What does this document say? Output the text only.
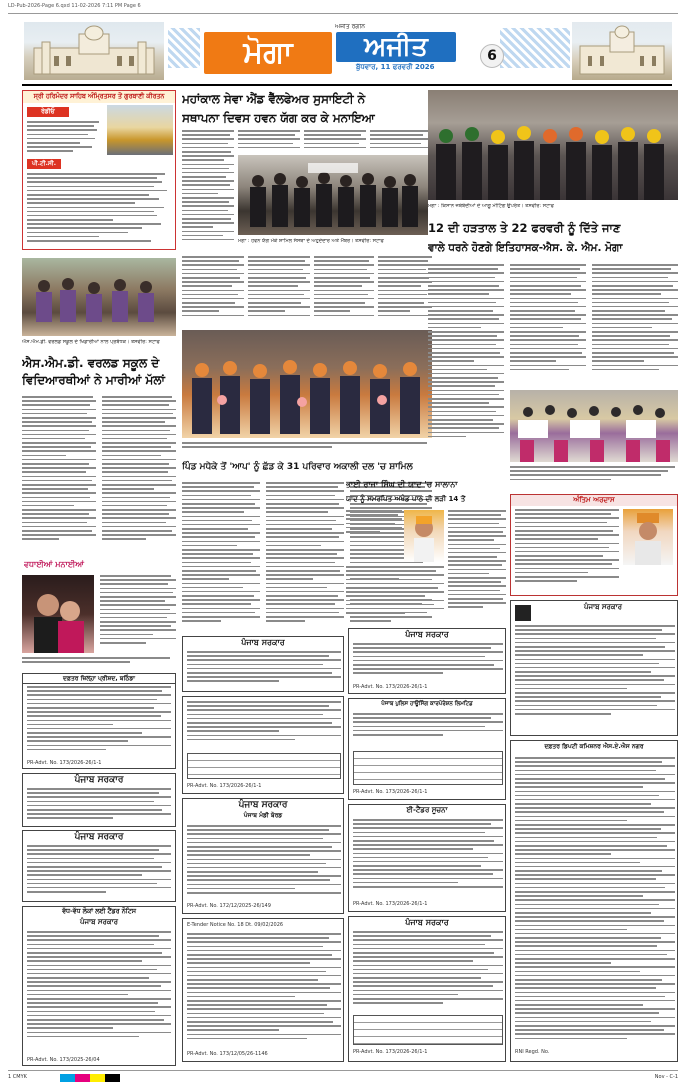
LD-Pub-2026-Page 6.qxd 11-02-2026 7:11 PM Page 6
ਅਜੀਤ ਰੰਗੀਨ
ਮੋਗਾ	ਅਜੀਤ
ਬੁੱਧਵਾਰ, 11 ਫਰਵਰੀ 2026
6
ਸ੍ਰੀ ਹਰਿਮੰਦਰ ਸਾਹਿਬ ਅੰਮ੍ਰਿਤਸਰ ਤੋਂ ਗੁਰਬਾਣੀ ਕੀਰਤਨ
ਰੇਡੀਓ
ਪੀ.ਟੀ.ਸੀ.
ਐਸ.ਐਮ.ਡੀ. ਵਰਲਡ ਸਕੂਲ ਦੇ ਖਿਡਾਰੀਆਂ ਨਾਲ ਪ੍ਰਬੰਧਕ। ਤਸਵੀਰ: ਸਟਾਫ
ਐਸ.ਐਮ.ਡੀ. ਵਰਲਡ ਸਕੂਲ ਦੇ ਵਿਦਿਆਰਥੀਆਂ ਨੇ ਮਾਰੀਆਂ ਮੱਲਾਂ
ਵਧਾਈਆਂ ਮਨਾਈਆਂ
ਦਫ਼ਤਰ ਜ਼ਿਲ੍ਹਾ ਪ੍ਰੀਸ਼ਦ, ਬਠਿੰਡਾ
PR-Advt. No. 173/2026-26/1-1
ਪੰਜਾਬ ਸਰਕਾਰ
ਪੰਜਾਬ ਸਰਕਾਰ
ਵੱਧ-ਵੱਧ ਲੋਕਾਂ ਲਈ ਟੈਂਡਰ ਨੋਟਿਸ
ਪੰਜਾਬ ਸਰਕਾਰ
PR-Advt. No. 173/2025-26/04
ਮਹਾਂਕਾਲ ਸੇਵਾ ਐਂਡ ਵੈੱਲਫੇਅਰ ਸੁਸਾਇਟੀ ਨੇ
ਸਥਾਪਨਾ ਦਿਵਸ ਹਵਨ ਯੱਗ ਕਰ ਕੇ ਮਨਾਇਆ
ਮੋਗਾ : ਹਵਨ ਯੱਗ ਮੌਕੇ ਸ਼ਾਮਿਲ ਸੰਸਥਾ ਦੇ ਅਹੁਦੇਦਾਰ ਅਤੇ ਮੈਂਬਰ। ਤਸਵੀਰ: ਸਟਾਫ
ਪਿੰਡ ਮਧੇਕੇ ਤੋਂ 'ਆਪ' ਨੂੰ ਛੱਡ ਕੇ 31 ਪਰਿਵਾਰ ਅਕਾਲੀ ਦਲ 'ਚ ਸ਼ਾਮਿਲ
ਮੋਗਾ : ਕਿਸਾਨ ਜਥੇਬੰਦੀਆਂ ਦੇ ਆਗੂ ਮੀਟਿੰਗ ਉਪਰੰਤ। ਤਸਵੀਰ: ਸਟਾਫ
12 ਦੀ ਹੜਤਾਲ ਤੇ 22 ਫਰਵਰੀ ਨੂੰ ਦਿੱਤੇ ਜਾਣ
ਵਾਲੇ ਧਰਨੇ ਹੋਣਗੇ ਇਤਿਹਾਸਕ-ਐਸ. ਕੇ. ਐਮ. ਮੋਗਾ
ਭਾਈ ਰਾਜਾ ਸਿੰਘ ਦੀ ਯਾਦ 'ਚ ਸਾਲਾਨਾ
ਯਾਦ ਨੂੰ ਸਮਰਪਿਤ ਅਖੰਡ ਪਾਠ ਦੀ ਲੜੀ 14 ਤੋਂ	ਅੰਤਿਮ ਅਰਦਾਸ
ਪੰਜਾਬ ਸਰਕਾਰ
PR-Advt. No. 173/2026-26/1-1
ਪੰਜਾਬ ਸਰਕਾਰ
ਪੰਜਾਬ ਮੰਡੀ ਬੋਰਡ
PR-Advt. No. 172/12/2025-26/149
E-Tender Notice No. 18 Dt. 09/02/2026
PR-Advt. No. 173/12/05/26-1146
ਪੰਜਾਬ ਸਰਕਾਰ
PR-Advt. No. 173/2026-26/1-1
ਪੰਜਾਬ ਪੁਲਿਸ ਹਾਊਸਿੰਗ ਕਾਰਪੋਰੇਸ਼ਨ ਲਿਮਟਿਡ
PR-Advt. No. 173/2026-26/1-1
ਈ-ਟੈਂਡਰ ਸੂਚਨਾ
PR-Advt. No. 173/2026-26/1-1
ਪੰਜਾਬ ਸਰਕਾਰ
PR-Advt. No. 173/2026-26/1-1
ਪੰਜਾਬ ਸਰਕਾਰ
ਦਫ਼ਤਰ ਡਿਪਟੀ ਕਮਿਸ਼ਨਰ ਐਸ.ਏ.ਐਸ ਨਗਰ
RNI Regd. No.
1 CMYK	Nov - C-1
